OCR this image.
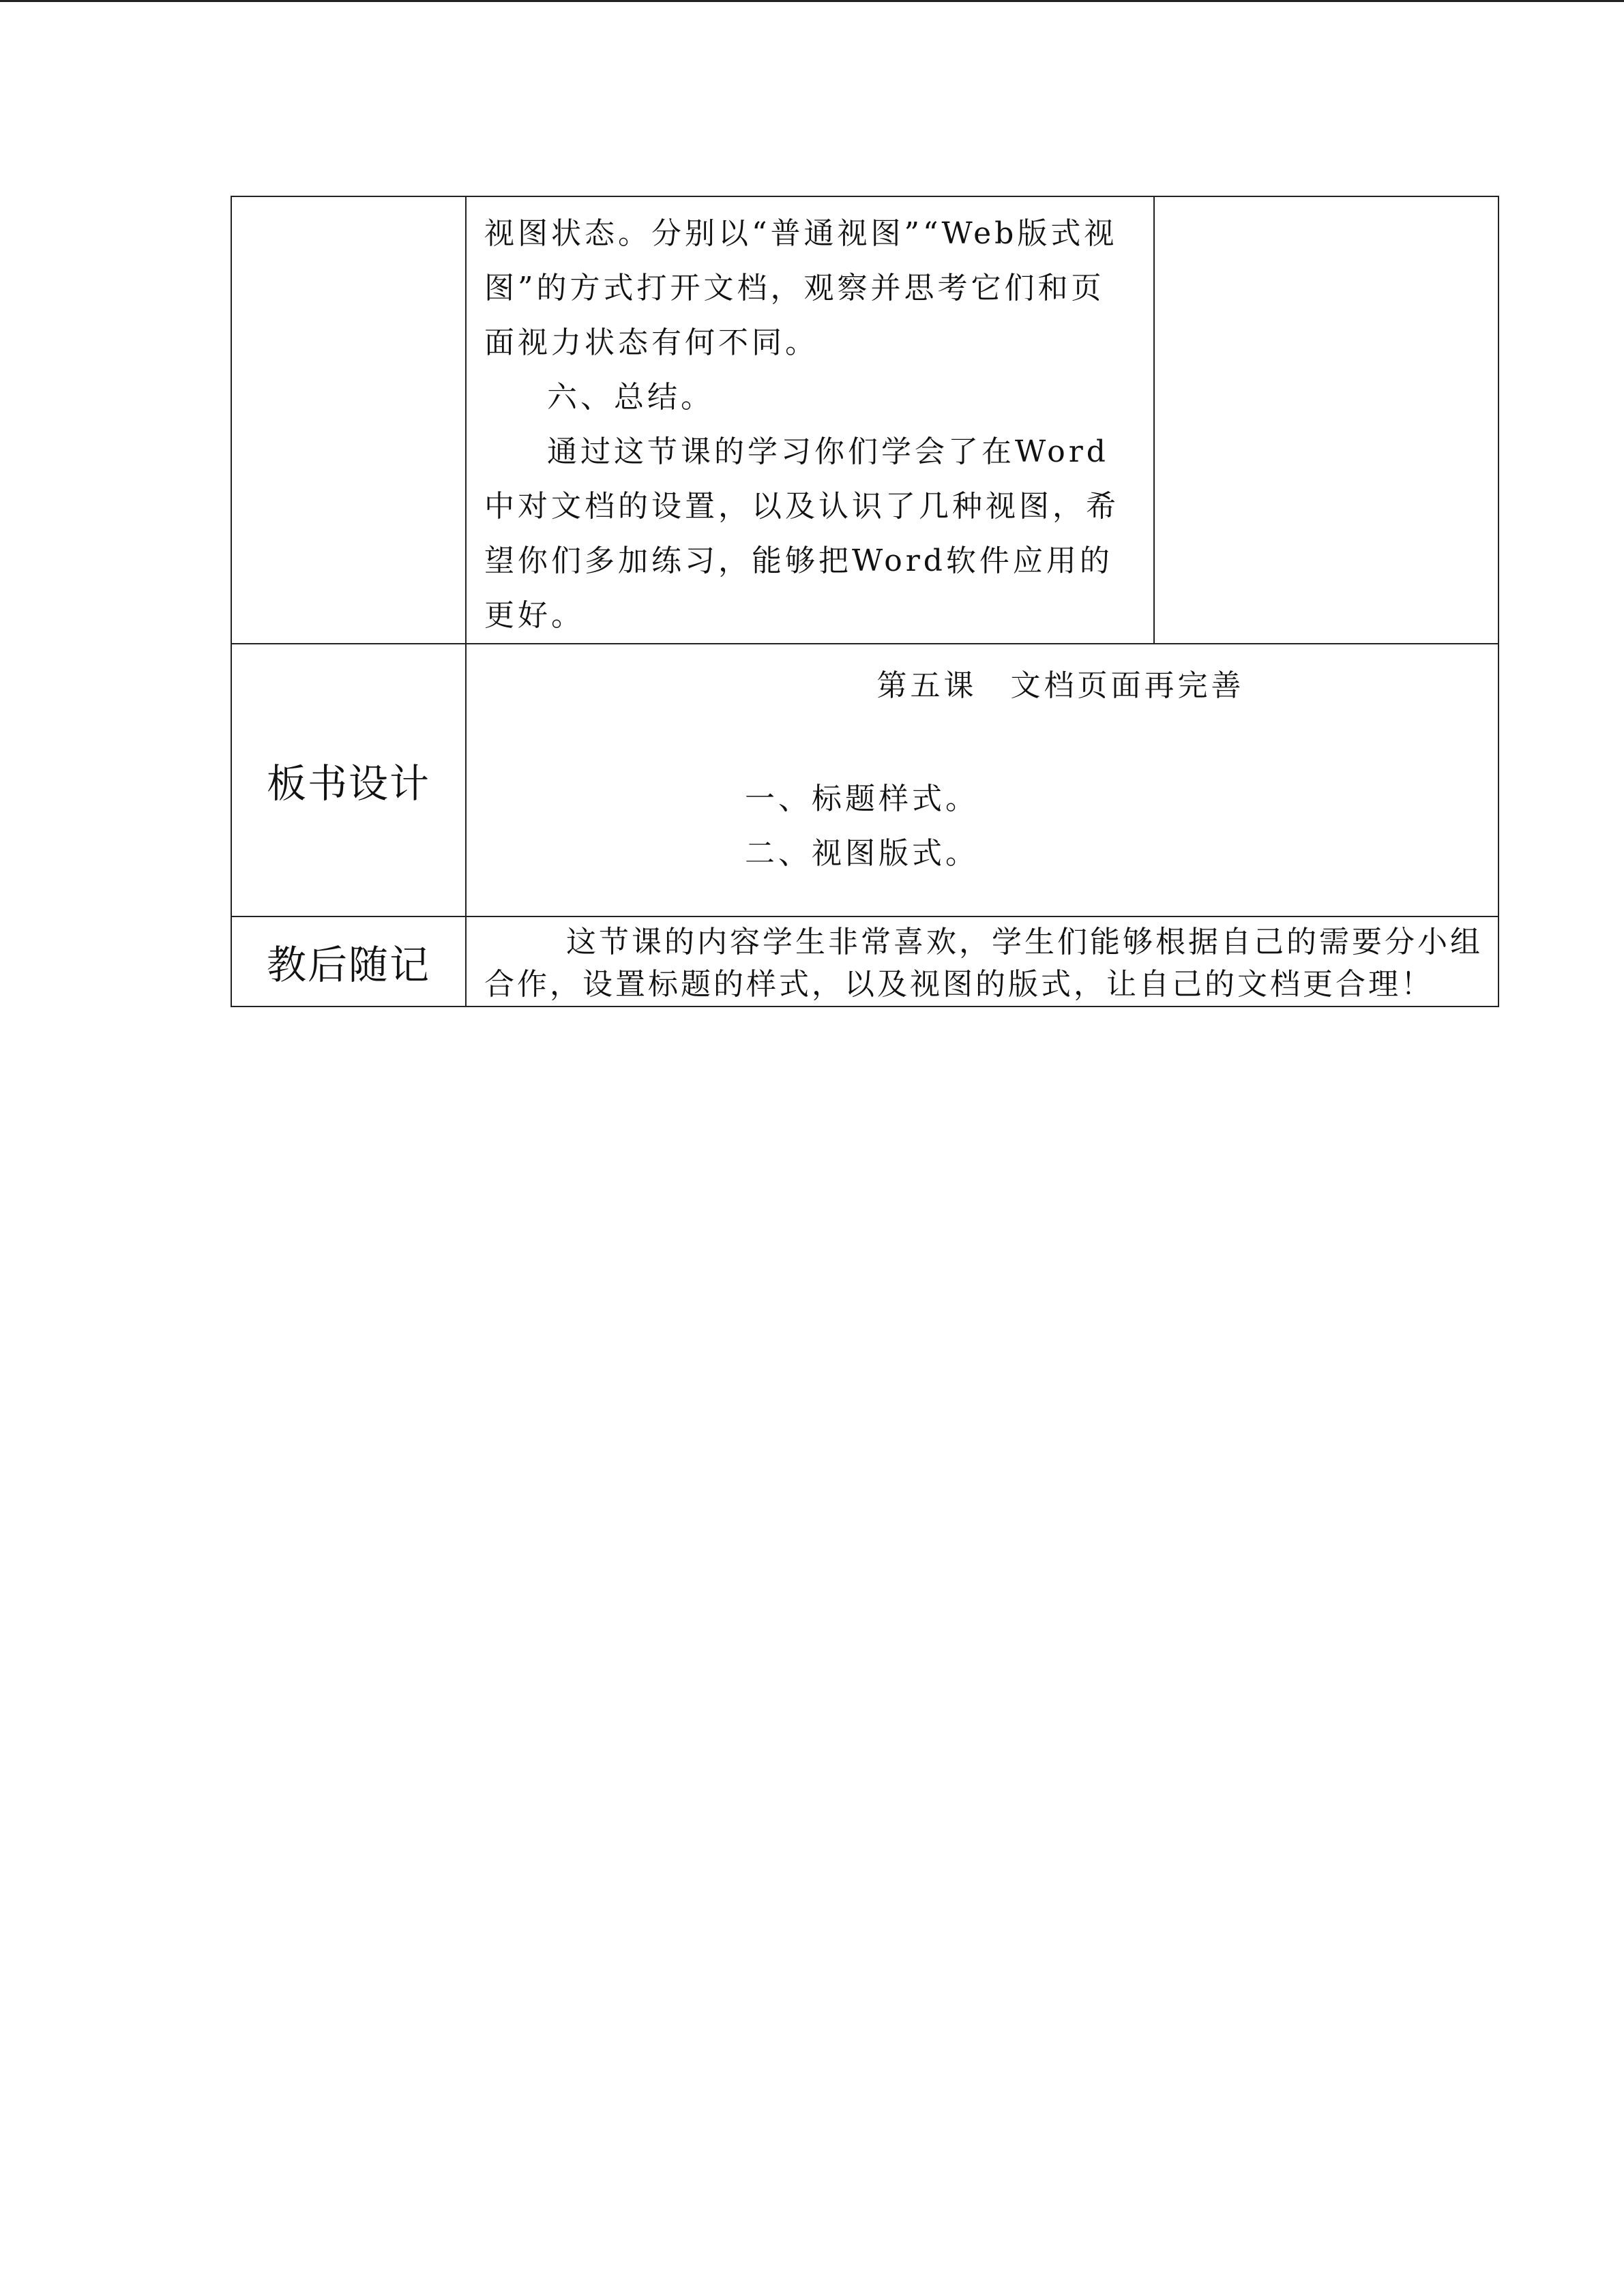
	视图状态。分别以“普通视图”“Web版式视图”的方式打开文档，观察并思考它们和页面视力状态有何不同。

六、总结。

通过这节课的学习你们学会了在Word中对文档的设置，以及认识了几种视图，希望你们多加练习，能够把Word软件应用的更好。	

板书设计	第五课　文档页面再完善
一、标题样式。
二、视图版式。	

教后随记	这节课的内容学生非常喜欢，学生们能够根据自己的需要分小组合作，设置标题的样式，以及视图的版式，让自己的文档更合理！	
